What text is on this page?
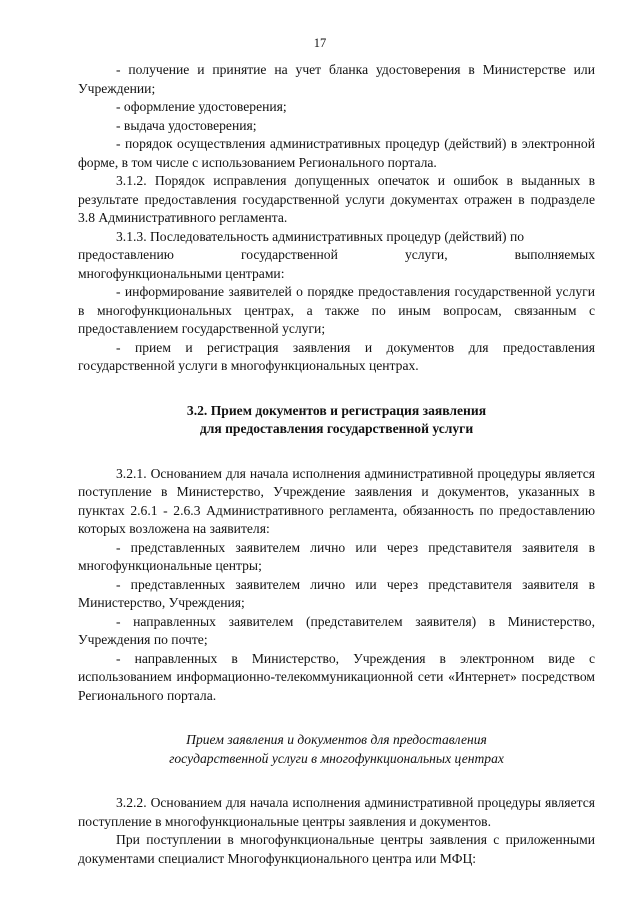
17

- получение и принятие на учет бланка удостоверения в Министерстве или Учреждении;

- оформление удостоверения;

- выдача удостоверения;

- порядок осуществления административных процедур (действий) в электронной форме, в том числе с использованием Регионального портала.

3.1.2. Порядок исправления допущенных опечаток и ошибок в выданных в результате предоставления государственной услуги документах отражен в подразделе 3.8 Административного регламента.

3.1.3. Последовательность административных процедур (действий) по

предоставлению	государственной	услуги,	выполняемых

многофункциональными центрами:

- информирование заявителей о порядке предоставления государственной услуги в многофункциональных центрах, а также по иным вопросам, связанным с предоставлением государственной услуги;

- прием и регистрация заявления и документов для предоставления государственной услуги в многофункциональных центрах.

3.2. Прием документов и регистрация заявления

для предоставления государственной услуги

3.2.1. Основанием для начала исполнения административной процедуры является поступление в Министерство, Учреждение заявления и документов, указанных в пунктах 2.6.1 - 2.6.3 Административного регламента, обязанность по предоставлению которых возложена на заявителя:

- представленных заявителем лично или через представителя заявителя в многофункциональные центры;

- представленных заявителем лично или через представителя заявителя в Министерство, Учреждения;

- направленных заявителем (представителем заявителя) в Министерство, Учреждения по почте;

- направленных в Министерство, Учреждения в электронном виде с использованием информационно-телекоммуникационной сети «Интернет» посредством Регионального портала.

Прием заявления и документов для предоставления

государственной услуги в многофункциональных центрах

3.2.2. Основанием для начала исполнения административной процедуры является поступление в многофункциональные центры заявления и документов.

При поступлении в многофункциональные центры заявления с приложенными документами специалист Многофункционального центра или МФЦ:
